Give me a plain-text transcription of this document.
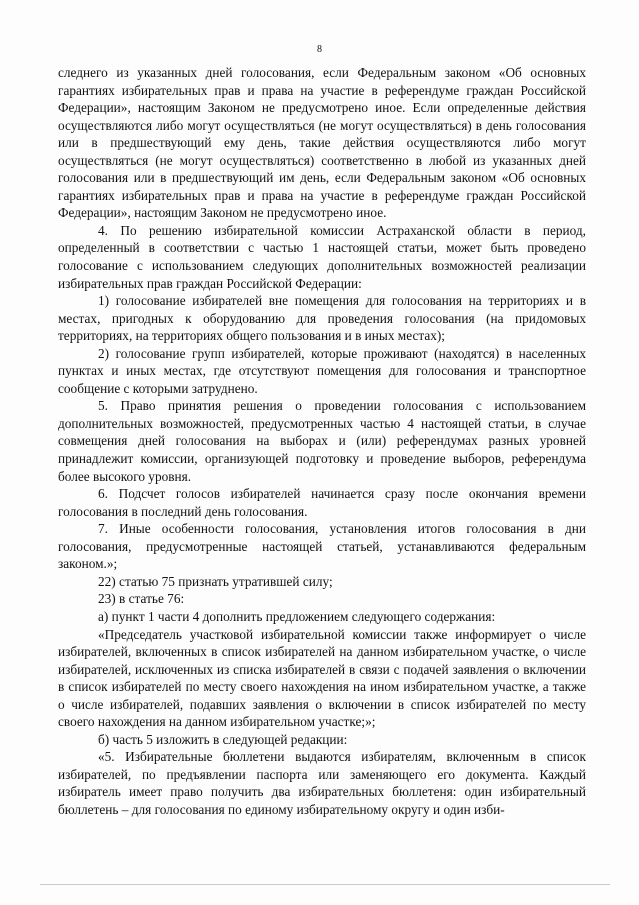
8

следнего из указанных дней голосования, если Федеральным законом «Об основных гарантиях избирательных прав и права на участие в референдуме граждан Российской Федерации», настоящим Законом не предусмотрено иное. Если определенные действия осуществляются либо могут осуществляться (не могут осуществляться) в день голосования или в предшествующий ему день, такие действия осуществляются либо могут осуществляться (не могут осуществляться) соответственно в любой из указанных дней голосования или в предшествующий им день, если Федеральным законом «Об основных гарантиях избирательных прав и права на участие в референдуме граждан Российской Федерации», настоящим Законом не предусмотрено иное.

4. По решению избирательной комиссии Астраханской области в период, определенный в соответствии с частью 1 настоящей статьи, может быть проведено голосование с использованием следующих дополнительных возможностей реализации избирательных прав граждан Российской Федерации:

1) голосование избирателей вне помещения для голосования на территориях и в местах, пригодных к оборудованию для проведения голосования (на придомовых территориях, на территориях общего пользования и в иных местах);

2) голосование групп избирателей, которые проживают (находятся) в населенных пунктах и иных местах, где отсутствуют помещения для голосования и транспортное сообщение с которыми затруднено.

5. Право принятия решения о проведении голосования с использованием дополнительных возможностей, предусмотренных частью 4 настоящей статьи, в случае совмещения дней голосования на выборах и (или) референдумах разных уровней принадлежит комиссии, организующей подготовку и проведение выборов, референдума более высокого уровня.

6. Подсчет голосов избирателей начинается сразу после окончания времени голосования в последний день голосования.

7. Иные особенности голосования, установления итогов голосования в дни голосования, предусмотренные настоящей статьей, устанавливаются федеральным законом.»;

22) статью 75 признать утратившей силу;

23) в статье 76:

а) пункт 1 части 4 дополнить предложением следующего содержания:

«Председатель участковой избирательной комиссии также информирует о числе избирателей, включенных в список избирателей на данном избирательном участке, о числе избирателей, исключенных из списка избирателей в связи с подачей заявления о включении в список избирателей по месту своего нахождения на ином избирательном участке, а также о числе избирателей, подавших заявления о включении в список избирателей по месту своего нахождения на данном избирательном участке;»;

б) часть 5 изложить в следующей редакции:

«5. Избирательные бюллетени выдаются избирателям, включенным в список избирателей, по предъявлении паспорта или заменяющего его документа. Каждый избиратель имеет право получить два избирательных бюллетеня: один избирательный бюллетень – для голосования по единому избирательному округу и один изби-
